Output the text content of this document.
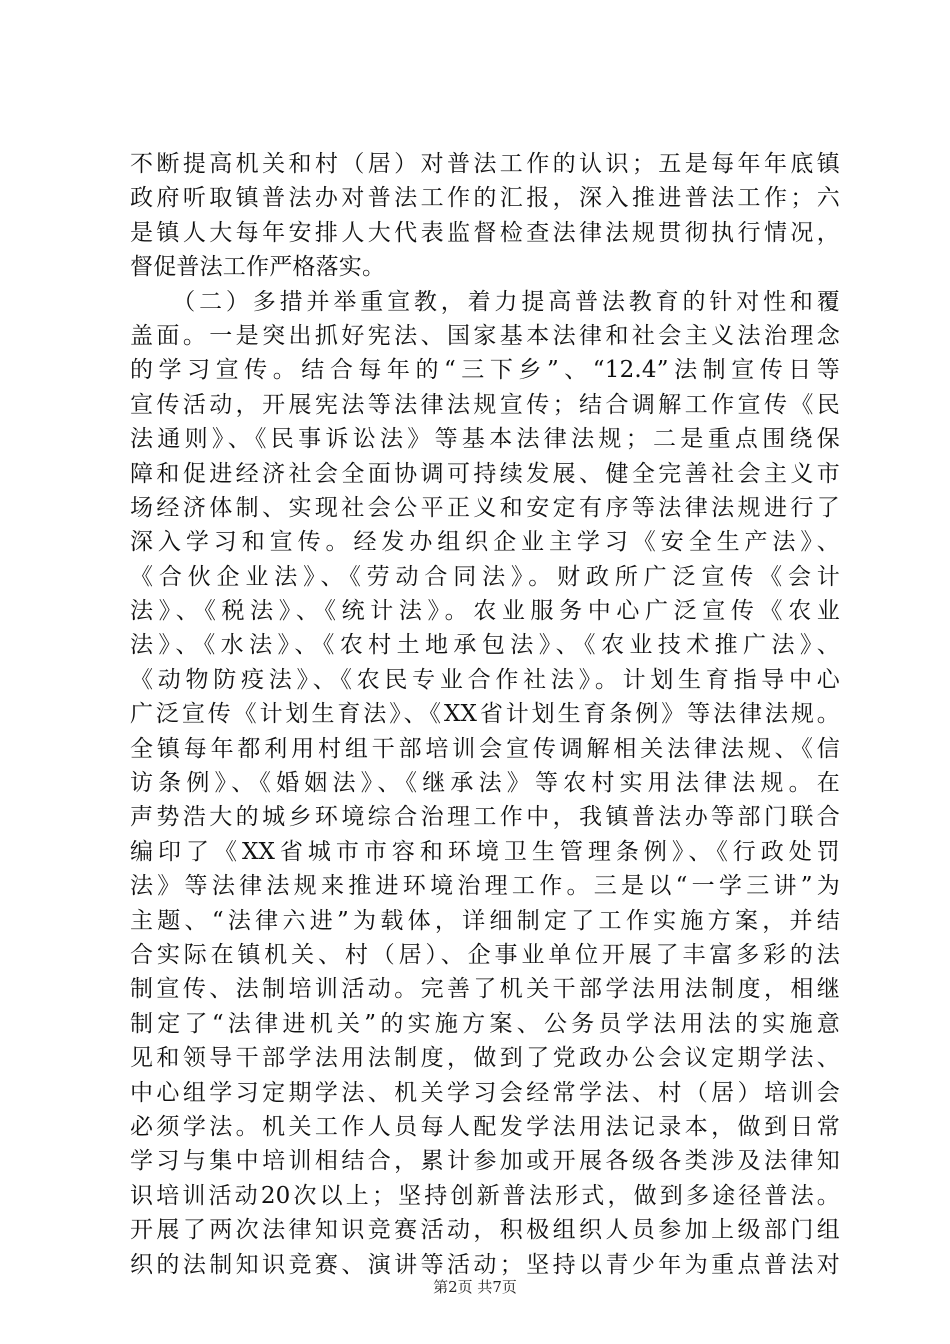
不断提高机关和村（居）对普法工作的认识；五是每年年底镇
政府听取镇普法办对普法工作的汇报，深入推进普法工作；六
是镇人大每年安排人大代表监督检查法律法规贯彻执行情况，
督促普法工作严格落实。
　　（二）多措并举重宣教，着力提高普法教育的针对性和覆
盖面。一是突出抓好宪法、国家基本法律和社会主义法治理念
的学习宣传。结合每年的“三下乡”、“12.4”法制宣传日等
宣传活动，开展宪法等法律法规宣传；结合调解工作宣传《民
法通则》、《民事诉讼法》等基本法律法规；二是重点围绕保
障和促进经济社会全面协调可持续发展、健全完善社会主义市
场经济体制、实现社会公平正义和安定有序等法律法规进行了
深入学习和宣传。经发办组织企业主学习《安全生产法》、
《合伙企业法》、《劳动合同法》。财政所广泛宣传《会计
法》、《税法》、《统计法》。农业服务中心广泛宣传《农业
法》、《水法》、《农村土地承包法》、《农业技术推广法》、
《动物防疫法》、《农民专业合作社法》。计划生育指导中心
广泛宣传《计划生育法》、《XX省计划生育条例》等法律法规。
全镇每年都利用村组干部培训会宣传调解相关法律法规、《信
访条例》、《婚姻法》、《继承法》等农村实用法律法规。在
声势浩大的城乡环境综合治理工作中，我镇普法办等部门联合
编印了《XX省城市市容和环境卫生管理条例》、《行政处罚
法》等法律法规来推进环境治理工作。三是以“一学三讲”为
主题、“法律六进”为载体，详细制定了工作实施方案，并结
合实际在镇机关、村（居）、企事业单位开展了丰富多彩的法
制宣传、法制培训活动。完善了机关干部学法用法制度，相继
制定了“法律进机关”的实施方案、公务员学法用法的实施意
见和领导干部学法用法制度，做到了党政办公会议定期学法、
中心组学习定期学法、机关学习会经常学法、村（居）培训会
必须学法。机关工作人员每人配发学法用法记录本，做到日常
学习与集中培训相结合，累计参加或开展各级各类涉及法律知
识培训活动20次以上；坚持创新普法形式，做到多途径普法。
开展了两次法律知识竞赛活动，积极组织人员参加上级部门组
织的法制知识竞赛、演讲等活动；坚持以青少年为重点普法对
第2页 共7页
